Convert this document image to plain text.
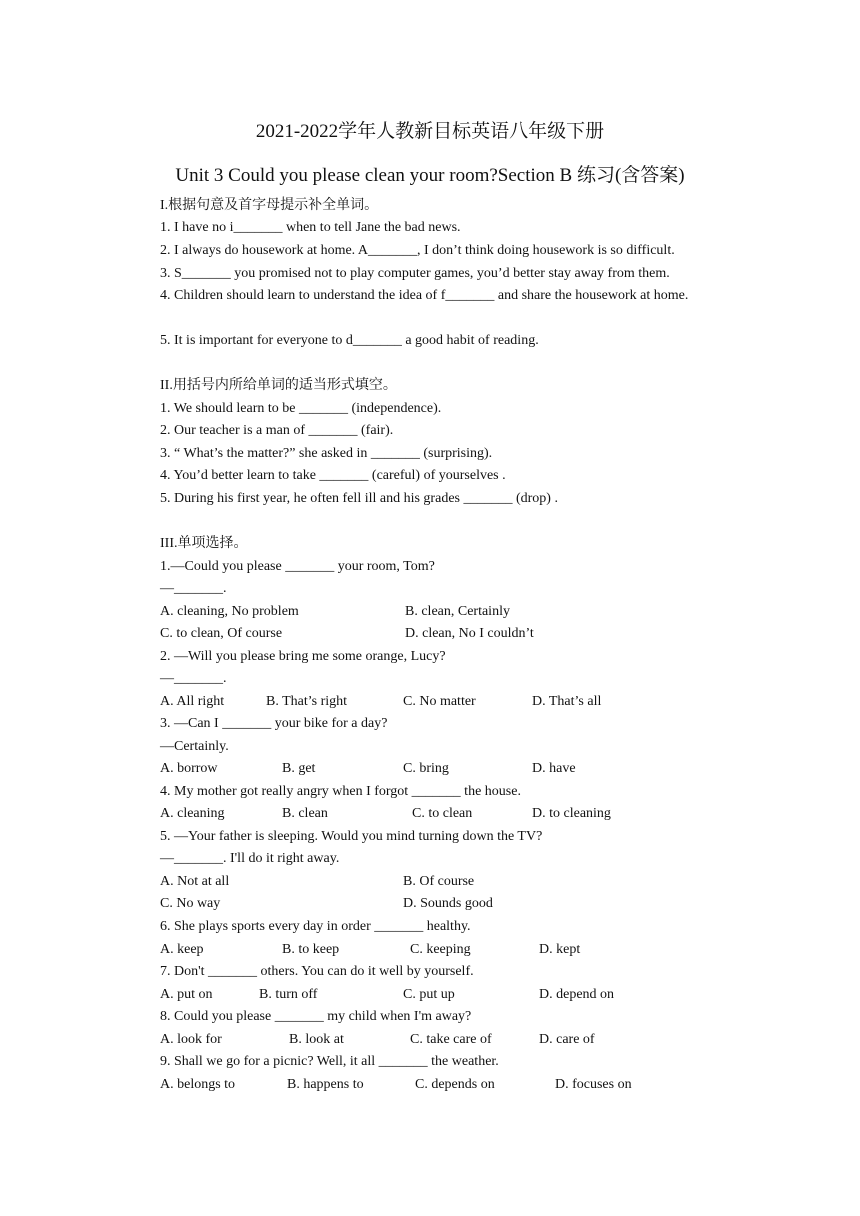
2021-2022学年人教新目标英语八年级下册
Unit 3 Could you please clean your room?Section B 练习(含答案)
I.根据句意及首字母提示补全单词。
1. I have no i_______ when to tell Jane the bad news.
2. I always do housework at home. A_______, I don’t think doing housework is so difficult.
3. S_______ you promised not to play computer games, you’d better stay away from them.
4. Children should learn to understand the idea of f_______ and share the housework at home.
5. It is important for everyone to d_______ a good habit of reading.
II.用括号内所给单词的适当形式填空。
1. We should learn to be _______ (independence).
2. Our teacher is a man of _______ (fair).
3. “ What’s the matter?” she asked in _______ (surprising).
4. You’d better learn to take _______ (careful) of yourselves .
5. During his first year, he often fell ill and his grades _______ (drop) .
III.单项选择。
1.—Could you please _______ your room, Tom?
—_______.
A. cleaning, No problem	B. clean, Certainly
C. to clean, Of course	D. clean, No I couldn’t
2. —Will you please bring me some orange, Lucy?
—_______.
A. All right	B. That’s right	C. No matter	D. That’s all
3. —Can I _______ your bike for a day?
—Certainly.
A. borrow	B. get	C. bring	D. have
4. My mother got really angry when I forgot _______ the house.
A. cleaning	B. clean	C. to clean	D. to cleaning
5. —Your father is sleeping. Would you mind turning down the TV?
—_______. I'll do it right away.
A. Not at all	B. Of course
C. No way	D. Sounds good
6. She plays sports every day in order _______ healthy.
A. keep	B. to keep	C. keeping	D. kept
7. Don't _______ others. You can do it well by yourself.
A. put on	B. turn off	C. put up	D. depend on
8. Could you please _______ my child when I'm away?
A. look for	B. look at	C. take care of	D. care of
9. Shall we go for a picnic? Well, it all _______ the weather.
A. belongs to	B. happens to	C. depends on	D. focuses on
